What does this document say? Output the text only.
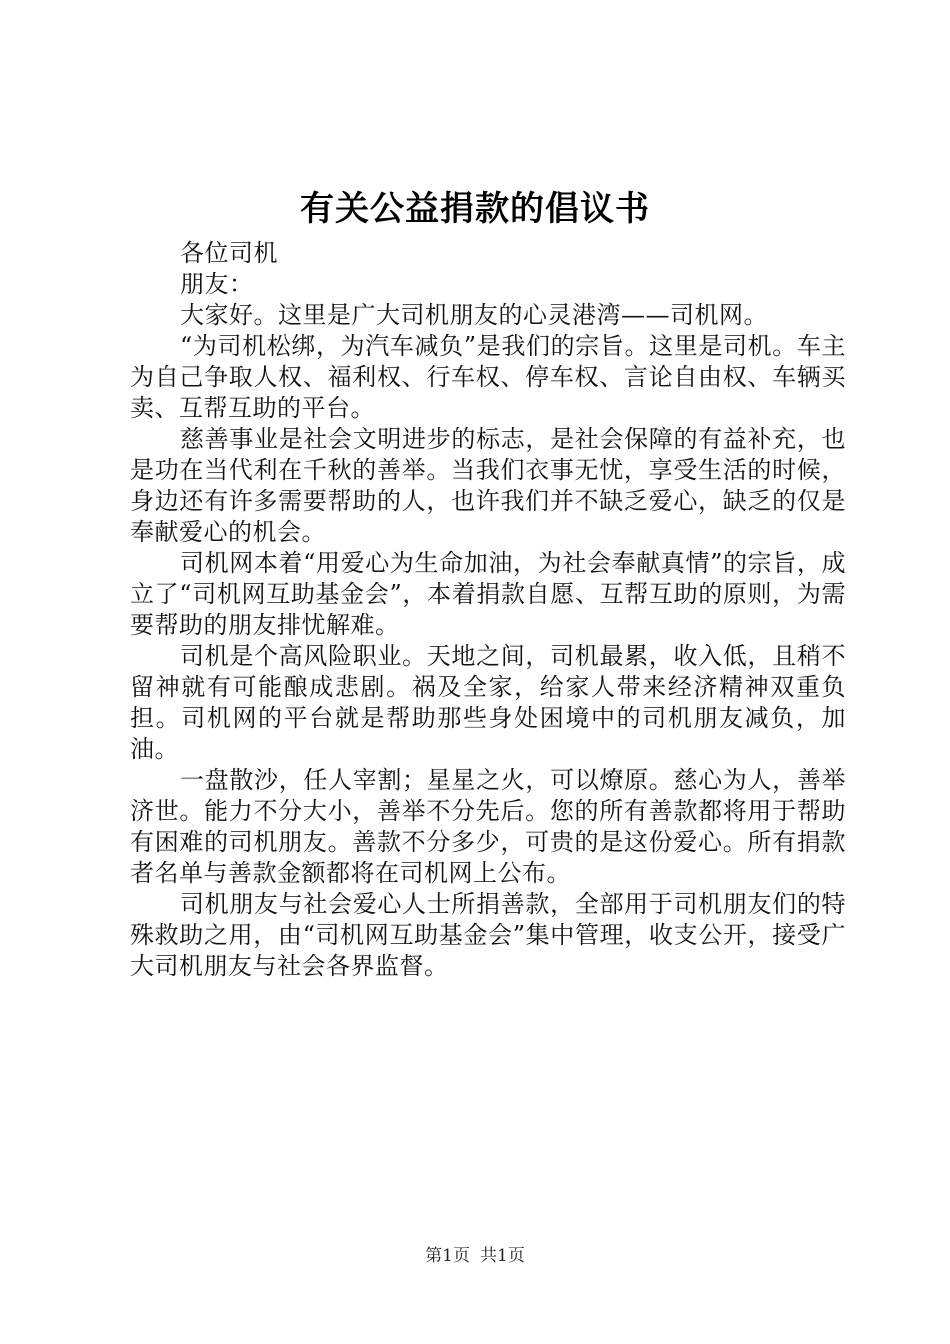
有关公益捐款的倡议书

各位司机

朋友：

大家好。这里是广大司机朋友的心灵港湾——司机网。

“为司机松绑，为汽车减负”是我们的宗旨。这里是司机。车主为自己争取人权、福利权、行车权、停车权、言论自由权、车辆买卖、互帮互助的平台。

慈善事业是社会文明进步的标志，是社会保障的有益补充，也是功在当代利在千秋的善举。当我们衣事无忧，享受生活的时候，身边还有许多需要帮助的人，也许我们并不缺乏爱心，缺乏的仅是奉献爱心的机会。

司机网本着“用爱心为生命加油，为社会奉献真情”的宗旨，成立了“司机网互助基金会”，本着捐款自愿、互帮互助的原则，为需要帮助的朋友排忧解难。

司机是个高风险职业。天地之间，司机最累，收入低，且稍不留神就有可能酿成悲剧。祸及全家，给家人带来经济精神双重负担。司机网的平台就是帮助那些身处困境中的司机朋友减负，加油。

一盘散沙，任人宰割；星星之火，可以燎原。慈心为人，善举济世。能力不分大小，善举不分先后。您的所有善款都将用于帮助有困难的司机朋友。善款不分多少，可贵的是这份爱心。所有捐款者名单与善款金额都将在司机网上公布。

司机朋友与社会爱心人士所捐善款，全部用于司机朋友们的特殊救助之用，由“司机网互助基金会”集中管理，收支公开，接受广大司机朋友与社会各界监督。

第1页 共1页
